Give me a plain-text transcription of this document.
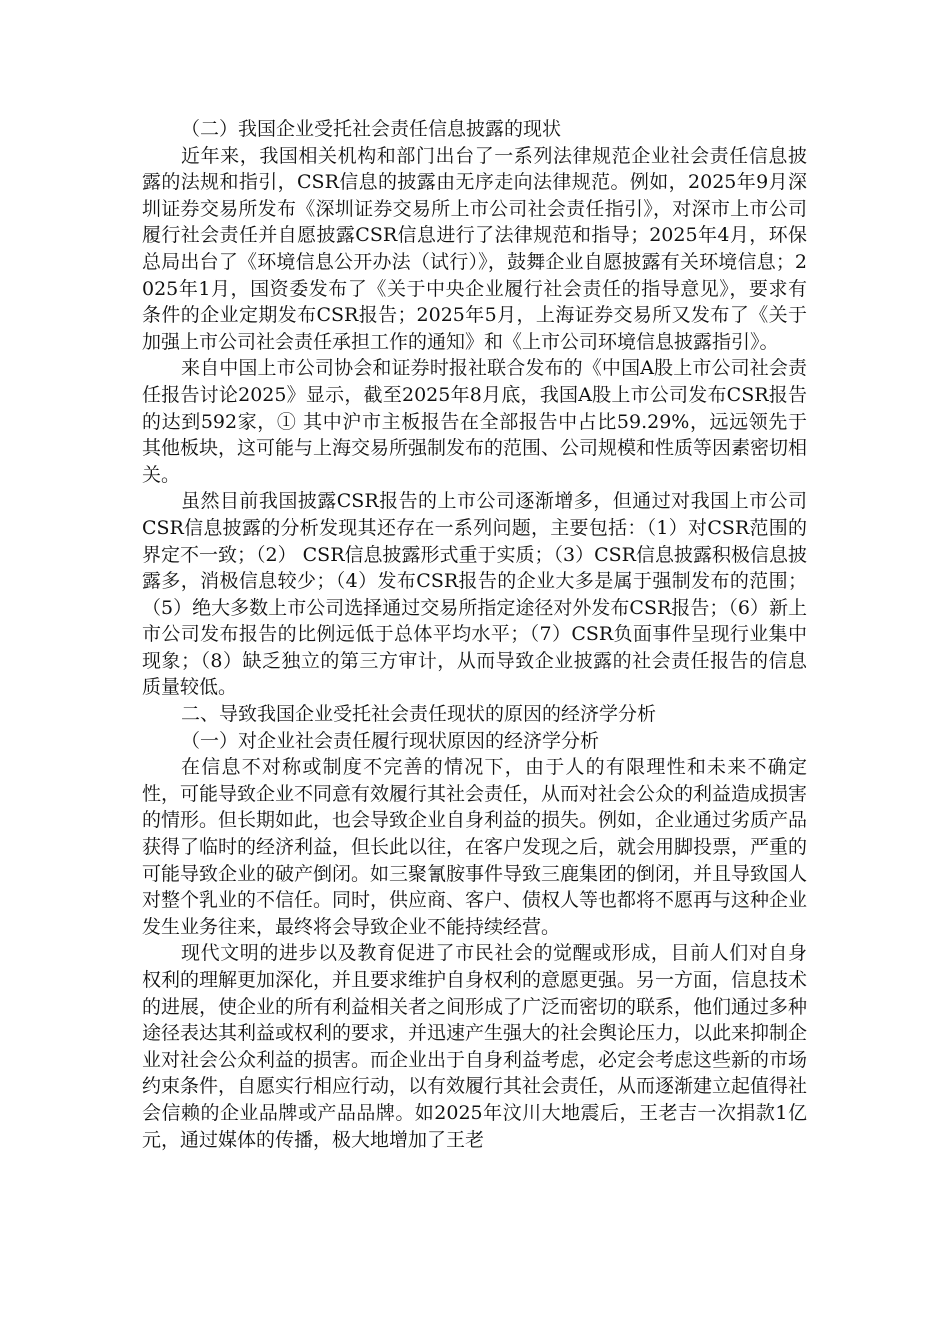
（二）我国企业受托社会责任信息披露的现状

近年来，我国相关机构和部门出台了一系列法律规范企业社会责任信息披露的法规和指引，CSR信息的披露由无序走向法律规范。例如，2025年9月深圳证券交易所发布《深圳证券交易所上市公司社会责任指引》，对深市上市公司履行社会责任并自愿披露CSR信息进行了法律规范和指导；2025年4月，环保总局出台了《环境信息公开办法（试行）》，鼓舞企业自愿披露有关环境信息；2025年1月，国资委发布了《关于中央企业履行社会责任的指导意见》，要求有条件的企业定期发布CSR报告；2025年5月，上海证券交易所又发布了《关于加强上市公司社会责任承担工作的通知》和《上市公司环境信息披露指引》。

来自中国上市公司协会和证券时报社联合发布的《中国A股上市公司社会责任报告讨论2025》显示，截至2025年8月底，我国A股上市公司发布CSR报告的达到592家，① 其中沪市主板报告在全部报告中占比59.29%，远远领先于其他板块，这可能与上海交易所强制发布的范围、公司规模和性质等因素密切相关。

虽然目前我国披露CSR报告的上市公司逐渐增多，但通过对我国上市公司CSR信息披露的分析发现其还存在一系列问题，主要包括：（1）对CSR范围的界定不一致；（2） CSR信息披露形式重于实质；（3）CSR信息披露积极信息披露多，消极信息较少；（4）发布CSR报告的企业大多是属于强制发布的范围；（5）绝大多数上市公司选择通过交易所指定途径对外发布CSR报告；（6）新上市公司发布报告的比例远低于总体平均水平；（7）CSR负面事件呈现行业集中现象；（8）缺乏独立的第三方审计，从而导致企业披露的社会责任报告的信息质量较低。

二、导致我国企业受托社会责任现状的原因的经济学分析

（一）对企业社会责任履行现状原因的经济学分析

在信息不对称或制度不完善的情况下，由于人的有限理性和未来不确定性，可能导致企业不同意有效履行其社会责任，从而对社会公众的利益造成损害的情形。但长期如此，也会导致企业自身利益的损失。例如，企业通过劣质产品获得了临时的经济利益，但长此以往，在客户发现之后，就会用脚投票，严重的可能导致企业的破产倒闭。如三聚氰胺事件导致三鹿集团的倒闭，并且导致国人对整个乳业的不信任。同时，供应商、客户、债权人等也都将不愿再与这种企业发生业务往来，最终将会导致企业不能持续经营。

现代文明的进步以及教育促进了市民社会的觉醒或形成，目前人们对自身权利的理解更加深化，并且要求维护自身权利的意愿更强。另一方面，信息技术的进展，使企业的所有利益相关者之间形成了广泛而密切的联系，他们通过多种途径表达其利益或权利的要求，并迅速产生强大的社会舆论压力，以此来抑制企业对社会公众利益的损害。而企业出于自身利益考虑，必定会考虑这些新的市场约束条件，自愿实行相应行动，以有效履行其社会责任，从而逐渐建立起值得社会信赖的企业品牌或产品品牌。如2025年汶川大地震后，王老吉一次捐款1亿元，通过媒体的传播，极大地增加了王老
